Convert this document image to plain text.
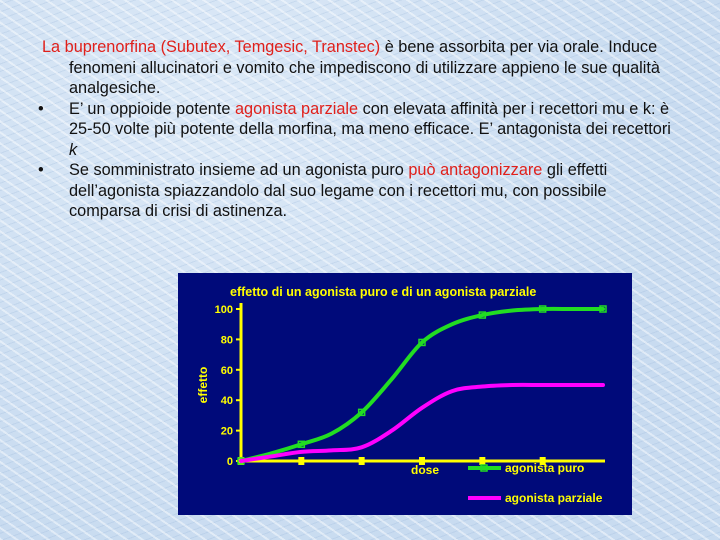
La buprenorfina (Subutex, Temgesic, Transtec) è bene assorbita per via orale. Induce fenomeni allucinatori e vomito che impediscono di utilizzare appieno le sue qualità analgesiche.

• E’ un oppioide potente agonista parziale con elevata affinità per i recettori mu e k: è 25-50 volte più potente della morfina, ma meno efficace. E’ antagonista dei recettori k

• Se somministrato insieme ad un agonista puro può antagonizzare gli effetti dell’agonista spiazzandolo dal suo legame con i recettori mu, con possibile comparsa di crisi di astinenza.

effetto di un agonista puro e di un agonista parziale
0
20
40
60
80
100
effetto
dose	agonista puro
agonista parziale
